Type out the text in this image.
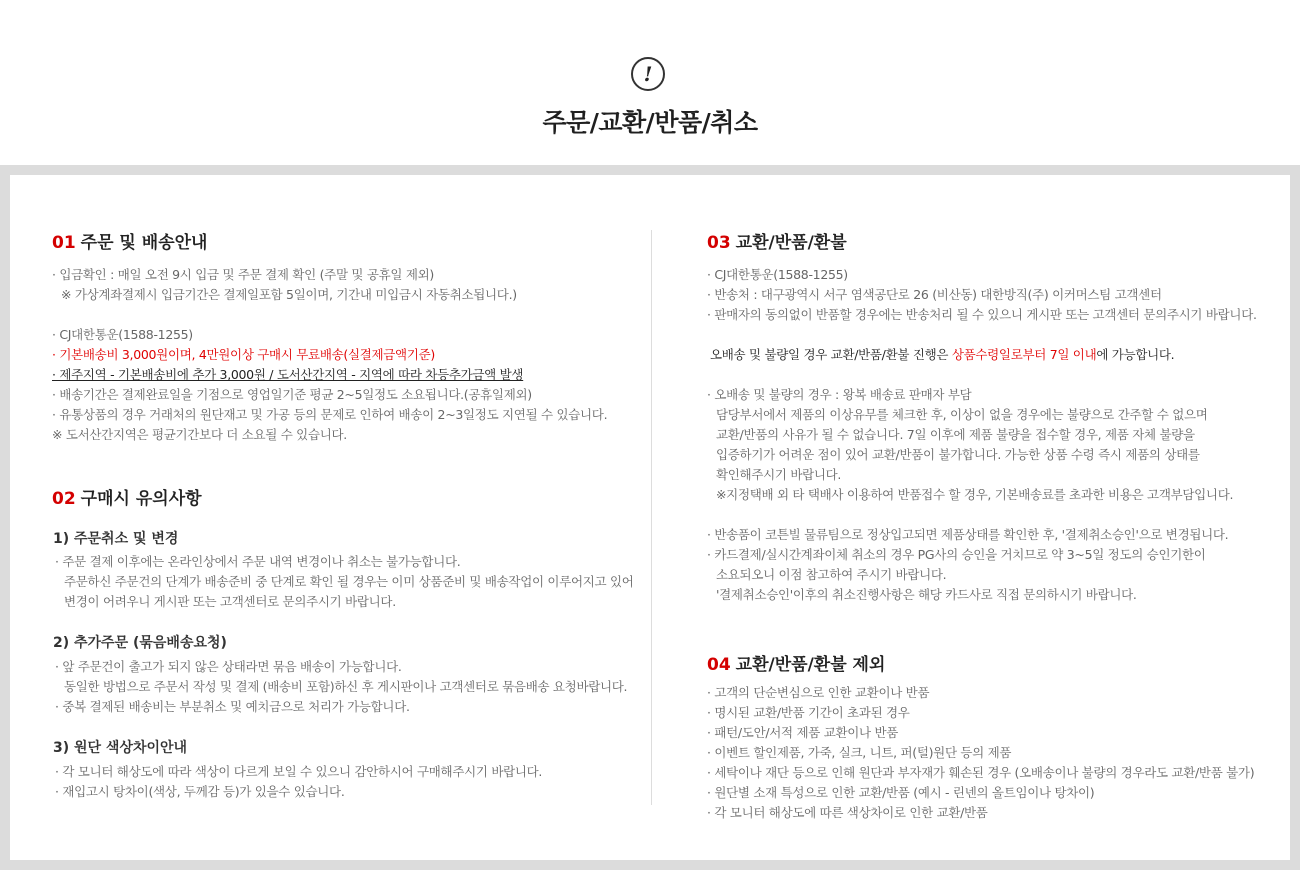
!
주문/교환/반품/취소
01 주문 및 배송안내

· 입금확인 : 매일 오전 9시 입금 및 주문 결제 확인 (주말 및 공휴일 제외)

※ 가상계좌결제시 입금기간은 결제일포함 5일이며, 기간내 미입금시 자동취소됩니다.)

· CJ대한통운(1588-1255)

· 기본배송비 3,000원이며, 4만원이상 구매시 무료배송(실결제금액기준)

· 제주지역 - 기본배송비에 추가 3,000원 / 도서산간지역 - 지역에 따라 차등추가금액 발생

· 배송기간은 결제완료일을 기점으로 영업일기준 평균 2~5일정도 소요됩니다.(공휴일제외)

· 유통상품의 경우 거래처의 원단재고 및 가공 등의 문제로 인하여 배송이 2~3일정도 지연될 수 있습니다.

※ 도서산간지역은 평균기간보다 더 소요될 수 있습니다.

02 구매시 유의사항
1) 주문취소 및 변경

· 주문 결제 이후에는 온라인상에서 주문 내역 변경이나 취소는 불가능합니다.

주문하신 주문건의 단계가 배송준비 중 단계로 확인 될 경우는 이미 상품준비 및 배송작업이 이루어지고 있어

변경이 어려우니 게시판 또는 고객센터로 문의주시기 바랍니다.

2) 추가주문 (묶음배송요청)

· 앞 주문건이 출고가 되지 않은 상태라면 묶음 배송이 가능합니다.

동일한 방법으로 주문서 작성 및 결제 (배송비 포함)하신 후 게시판이나 고객센터로 묶음배송 요청바랍니다.

· 중복 결제된 배송비는 부분취소 및 예치금으로 처리가 가능합니다.

3) 원단 색상차이안내

· 각 모니터 해상도에 따라 색상이 다르게 보일 수 있으니 감안하시어 구매해주시기 바랍니다.

· 재입고시 탕차이(색상, 두께감 등)가 있을수 있습니다.

03 교환/반품/환불

· CJ대한통운(1588-1255)

· 반송처 : 대구광역시 서구 염색공단로 26 (비산동) 대한방직(주) 이커머스팀 고객센터

· 판매자의 동의없이 반품할 경우에는 반송처리 될 수 있으니 게시판 또는 고객센터 문의주시기 바랍니다.

오배송 및 불량일 경우 교환/반품/환불 진행은 상품수령일로부터 7일 이내에 가능합니다.

· 오배송 및 불량의 경우 : 왕복 배송료 판매자 부담

담당부서에서 제품의 이상유무를 체크한 후, 이상이 없을 경우에는 불량으로 간주할 수 없으며

교환/반품의 사유가 될 수 없습니다. 7일 이후에 제품 불량을 접수할 경우, 제품 자체 불량을

입증하기가 어려운 점이 있어 교환/반품이 불가합니다. 가능한 상품 수령 즉시 제품의 상태를

확인해주시기 바랍니다.

※지정택배 외 타 택배사 이용하여 반품접수 할 경우, 기본배송료를 초과한 비용은 고객부담입니다.

· 반송품이 코튼빌 물류팀으로 정상입고되면 제품상태를 확인한 후, '결제취소승인'으로 변경됩니다.

· 카드결제/실시간계좌이체 취소의 경우 PG사의 승인을 거치므로 약 3~5일 정도의 승인기한이

소요되오니 이점 참고하여 주시기 바랍니다.

'결제취소승인'이후의 취소진행사항은 해당 카드사로 직접 문의하시기 바랍니다.

04 교환/반품/환불 제외

· 고객의 단순변심으로 인한 교환이나 반품

· 명시된 교환/반품 기간이 초과된 경우

· 패턴/도안/서적 제품 교환이나 반품

· 이벤트 할인제품, 가죽, 실크, 니트, 퍼(털)원단 등의 제품

· 세탁이나 재단 등으로 인해 원단과 부자재가 훼손된 경우 (오배송이나 불량의 경우라도 교환/반품 불가)

· 원단별 소재 특성으로 인한 교환/반품 (예시 - 린넨의 올트임이나 탕차이)

· 각 모니터 해상도에 따른 색상차이로 인한 교환/반품
